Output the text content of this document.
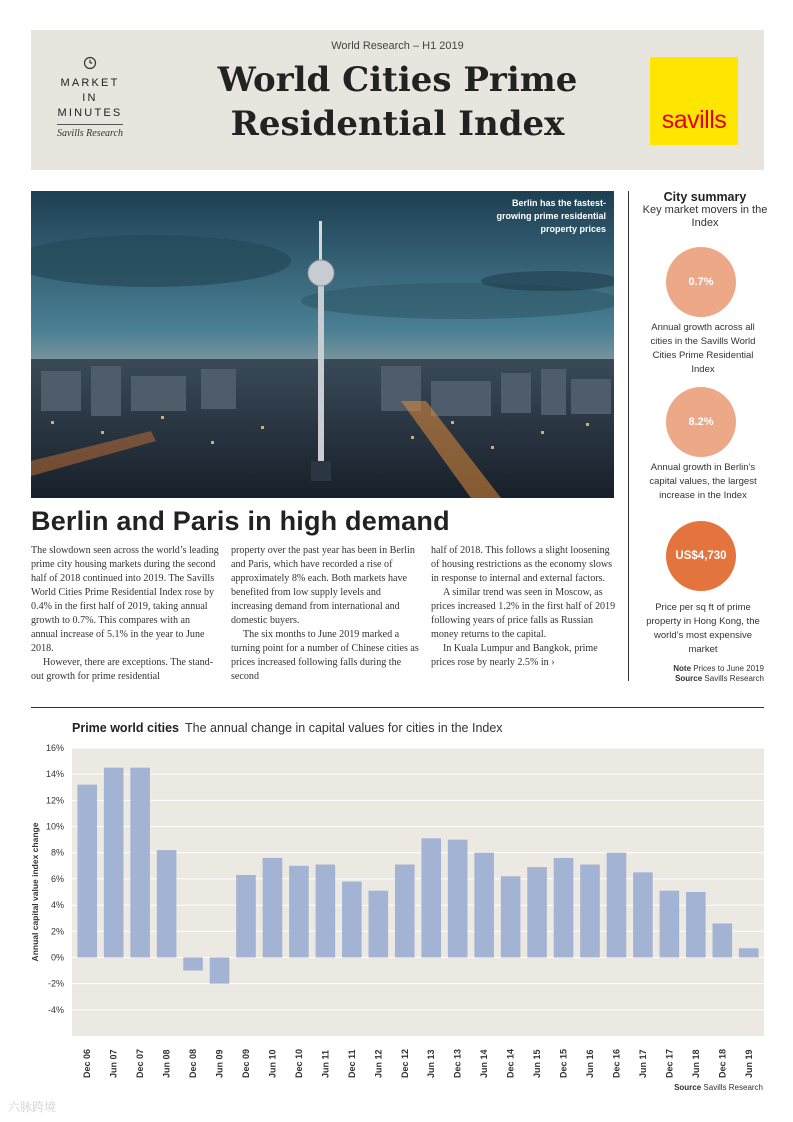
MARKET
IN
MINUTES
Savills Research
World Research – H1 2019
World Cities Prime Residential Index	savills
Berlin has the fastest-growing prime residential property prices
Berlin and Paris in high demand

The slowdown seen across the world’s leading prime city housing markets during the second half of 2018 continued into 2019. The Savills World Cities Prime Residential Index rose by 0.4% in the first half of 2019, taking annual growth to 0.7%. This compares with an annual increase of 5.1% in the year to June 2018.

However, there are exceptions. The stand-out growth for prime residential

property over the past year has been in Berlin and Paris, which have recorded a rise of approximately 8% each. Both markets have benefited from low supply levels and increasing demand from international and domestic buyers.

The six months to June 2019 marked a turning point for a number of Chinese cities as prices increased following falls during the second

half of 2018. This follows a slight loosening of housing restrictions as the economy slows in response to internal and external factors.

A similar trend was seen in Moscow, as prices increased 1.2% in the first half of 2019 following years of price falls as Russian money returns to the capital.

In Kuala Lumpur and Bangkok, prime prices rose by nearly 2.5% in ›

City summary
Key market movers in the Index
0.7%
Annual growth across all cities in the Savills World Cities Prime Residential Index
8.2%
Annual growth in Berlin’s capital values, the largest increase in the Index
US$4,730
Price per sq ft of prime property in Hong Kong, the world’s most expensive market
Note Prices to June 2019
Source Savills Research
Prime world cities The annual change in capital values for cities in the Index
-4%
-2%
0%
2%
4%
6%
8%
10%
12%
14%
16%
Dec 06 Jun 07 Dec 07 Jun 08 Dec 08 Jun 09 Dec 09 Jun 10 Dec 10 Jun 11 Dec 11 Jun 12 Dec 12 Jun 13 Dec 13 Jun 14 Dec 14 Jun 15 Dec 15 Jun 16 Dec 16 Jun 17 Dec 17 Jun 18 Dec 18 Jun 19
Annual capital value index change
Source Savills Research
六脉跨境
